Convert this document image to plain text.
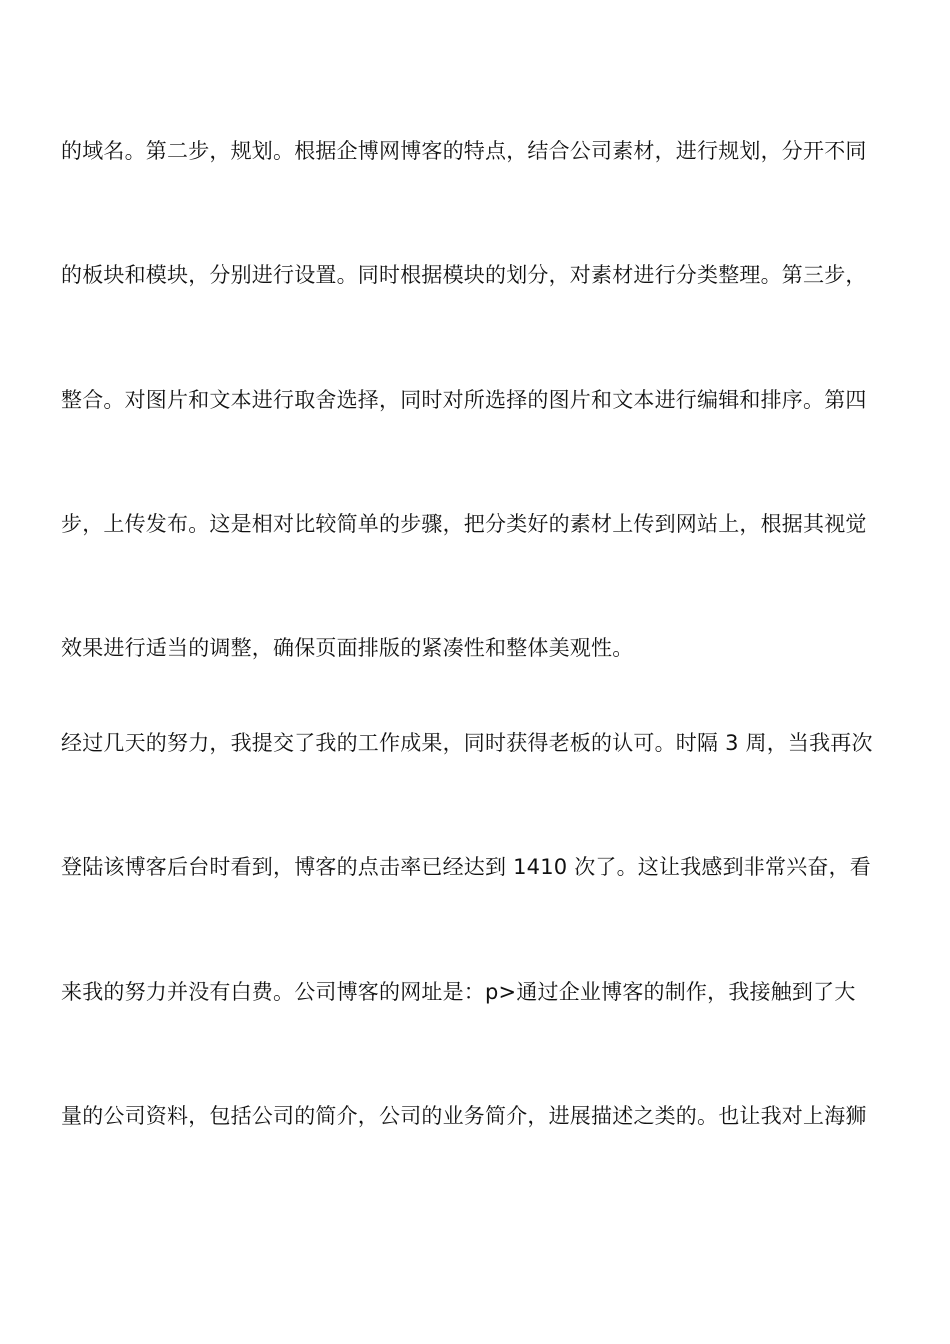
的域名。第二步，规划。根据企博网博客的特点，结合公司素材，进行规划，分开不同
的板块和模块，分别进行设置。同时根据模块的划分，对素材进行分类整理。第三步，
整合。对图片和文本进行取舍选择，同时对所选择的图片和文本进行编辑和排序。第四
步，上传发布。这是相对比较简单的步骤，把分类好的素材上传到网站上，根据其视觉
效果进行适当的调整，确保页面排版的紧凑性和整体美观性。
经过几天的努力，我提交了我的工作成果，同时获得老板的认可。时隔 3 周，当我再次
登陆该博客后台时看到，博客的点击率已经达到 1410 次了。这让我感到非常兴奋，看
来我的努力并没有白费。公司博客的网址是：p>通过企业博客的制作，我接触到了大
量的公司资料，包括公司的简介，公司的业务简介，进展描述之类的。也让我对上海狮
